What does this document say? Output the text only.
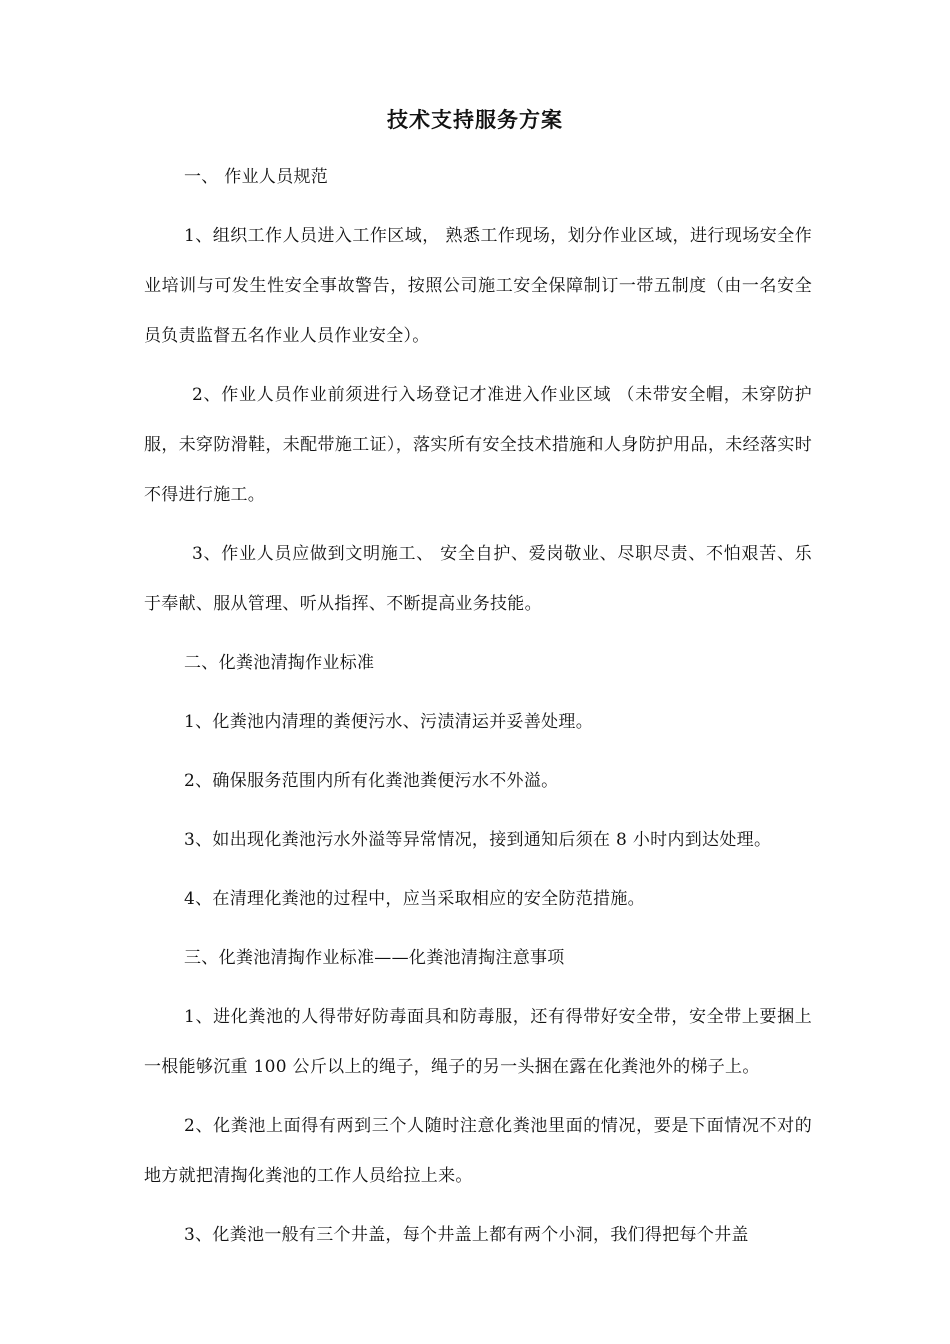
技术支持服务方案

一、 作业人员规范

1、组织工作人员进入工作区域， 熟悉工作现场，划分作业区域，进行现场安全作业培训与可发生性安全事故警告，按照公司施工安全保障制订一带五制度（由一名安全员负责监督五名作业人员作业安全）。

2、作业人员作业前须进行入场登记才准进入作业区域 （未带安全帽，未穿防护服，未穿防滑鞋，未配带施工证），落实所有安全技术措施和人身防护用品，未经落实时不得进行施工。

3、作业人员应做到文明施工、 安全自护、爱岗敬业、尽职尽责、不怕艰苦、乐于奉献、服从管理、听从指挥、不断提高业务技能。

二、化粪池清掏作业标准

1、化粪池内清理的粪便污水、污渍清运并妥善处理。

2、确保服务范围内所有化粪池粪便污水不外溢。

3、如出现化粪池污水外溢等异常情况，接到通知后须在 8 小时内到达处理。

4、在清理化粪池的过程中，应当采取相应的安全防范措施。

三、化粪池清掏作业标准——化粪池清掏注意事项

1、进化粪池的人得带好防毒面具和防毒服，还有得带好安全带，安全带上要捆上一根能够沉重 100 公斤以上的绳子，绳子的另一头捆在露在化粪池外的梯子上。

2、化粪池上面得有两到三个人随时注意化粪池里面的情况，要是下面情况不对的地方就把清掏化粪池的工作人员给拉上来。

3、化粪池一般有三个井盖，每个井盖上都有两个小洞，我们得把每个井盖
